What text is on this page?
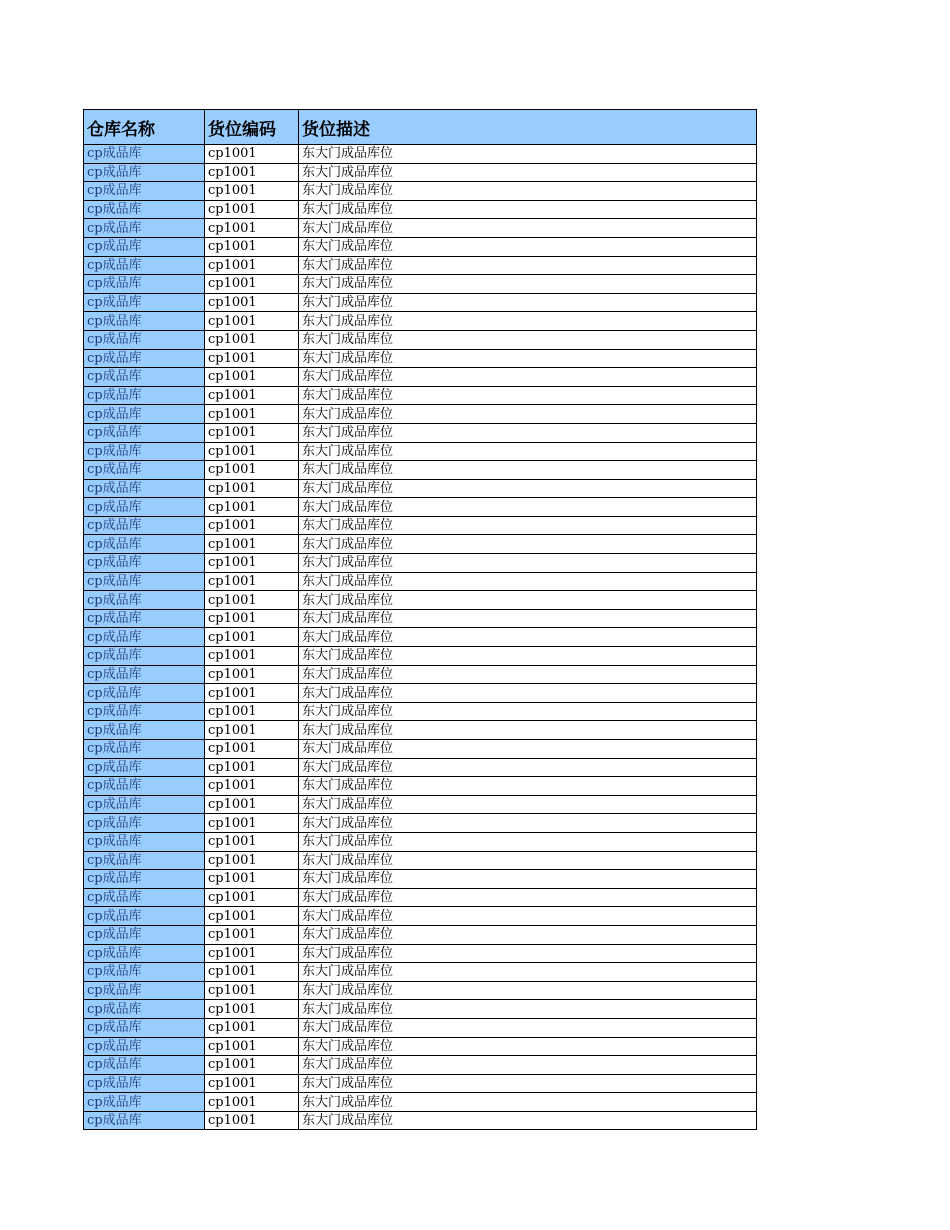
仓库名称	货位编码	货位描述
cp成品库	cp1001	东大门成品库位
cp成品库	cp1001	东大门成品库位
cp成品库	cp1001	东大门成品库位
cp成品库	cp1001	东大门成品库位
cp成品库	cp1001	东大门成品库位
cp成品库	cp1001	东大门成品库位
cp成品库	cp1001	东大门成品库位
cp成品库	cp1001	东大门成品库位
cp成品库	cp1001	东大门成品库位
cp成品库	cp1001	东大门成品库位
cp成品库	cp1001	东大门成品库位
cp成品库	cp1001	东大门成品库位
cp成品库	cp1001	东大门成品库位
cp成品库	cp1001	东大门成品库位
cp成品库	cp1001	东大门成品库位
cp成品库	cp1001	东大门成品库位
cp成品库	cp1001	东大门成品库位
cp成品库	cp1001	东大门成品库位
cp成品库	cp1001	东大门成品库位
cp成品库	cp1001	东大门成品库位
cp成品库	cp1001	东大门成品库位
cp成品库	cp1001	东大门成品库位
cp成品库	cp1001	东大门成品库位
cp成品库	cp1001	东大门成品库位
cp成品库	cp1001	东大门成品库位
cp成品库	cp1001	东大门成品库位
cp成品库	cp1001	东大门成品库位
cp成品库	cp1001	东大门成品库位
cp成品库	cp1001	东大门成品库位
cp成品库	cp1001	东大门成品库位
cp成品库	cp1001	东大门成品库位
cp成品库	cp1001	东大门成品库位
cp成品库	cp1001	东大门成品库位
cp成品库	cp1001	东大门成品库位
cp成品库	cp1001	东大门成品库位
cp成品库	cp1001	东大门成品库位
cp成品库	cp1001	东大门成品库位
cp成品库	cp1001	东大门成品库位
cp成品库	cp1001	东大门成品库位
cp成品库	cp1001	东大门成品库位
cp成品库	cp1001	东大门成品库位
cp成品库	cp1001	东大门成品库位
cp成品库	cp1001	东大门成品库位
cp成品库	cp1001	东大门成品库位
cp成品库	cp1001	东大门成品库位
cp成品库	cp1001	东大门成品库位
cp成品库	cp1001	东大门成品库位
cp成品库	cp1001	东大门成品库位
cp成品库	cp1001	东大门成品库位
cp成品库	cp1001	东大门成品库位
cp成品库	cp1001	东大门成品库位
cp成品库	cp1001	东大门成品库位
cp成品库	cp1001	东大门成品库位
